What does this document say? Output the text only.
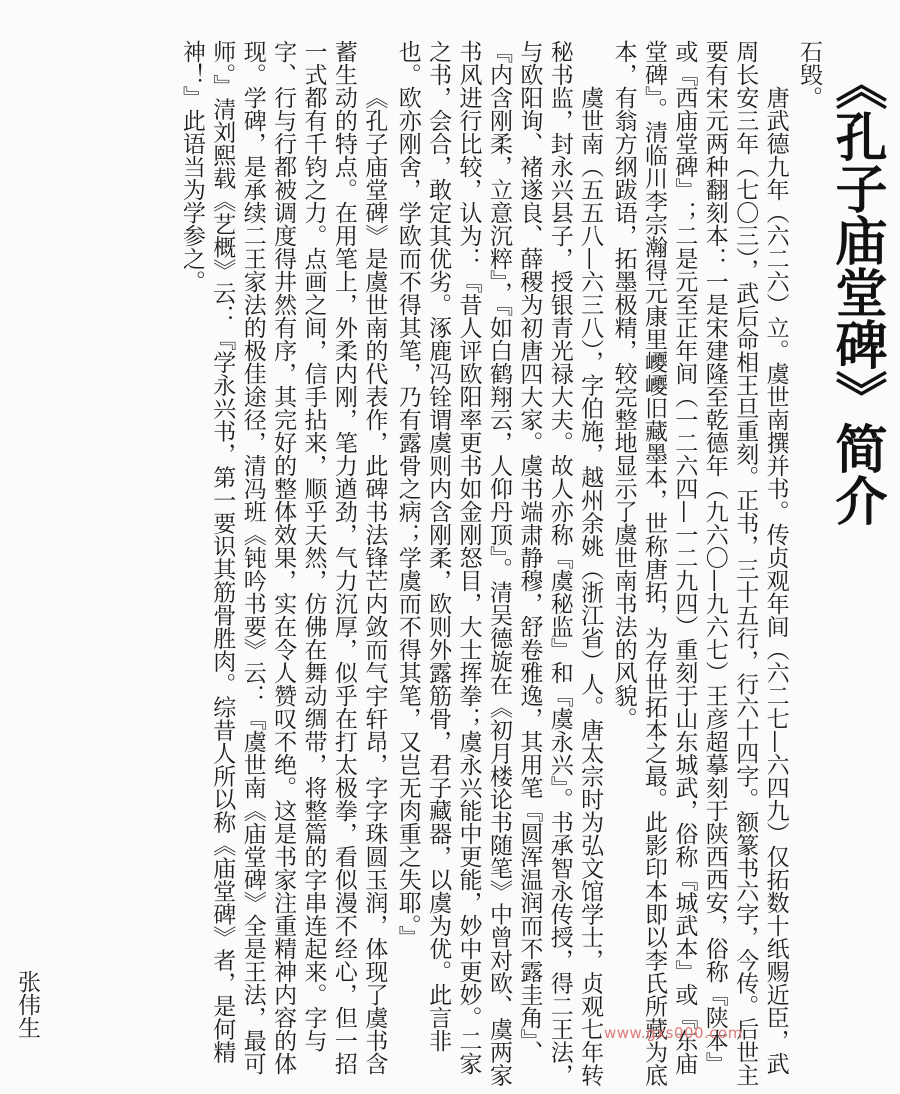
《孔子庙堂碑》简介

石毁。

唐武德九年（六二六）立。虞世南撰并书。传贞观年间（六二七—六四九）仅拓数十纸赐近臣，武周长安三年（七〇三），武后命相王旦重刻。正书，三十五行，行六十四字。额篆书六字，今传。后世主要有宋元两种翻刻本：一是宋建隆至乾德年（九六〇—九六七）王彦超摹刻于陕西西安，俗称『陕本』或『西庙堂碑』；二是元至正年间（一二六四—一二九四）重刻于山东城武，俗称『城武本』或『东庙堂碑』。清临川李宗瀚得元康里巎巎旧藏墨本，世称唐拓，为存世拓本之最。此影印本即以李氏所藏为底本，有翁方纲跋语，拓墨极精，较完整地显示了虞世南书法的风貌。

虞世南（五五八—六三八），字伯施，越州余姚（浙江省）人。唐太宗时为弘文馆学士，贞观七年转秘书监，封永兴县子，授银青光禄大夫。故人亦称『虞秘监』和『虞永兴』。书承智永传授，得二王法，与欧阳询、褚遂良、薛稷为初唐四大家。虞书端肃静穆，舒卷雅逸，其用笔『圆浑温润而不露圭角』、『内含刚柔，立意沉粹』，『如白鹤翔云，人仰丹顶』。清吴德旋在《初月楼论书随笔》中曾对欧、虞两家书风进行比较，认为：『昔人评欧阳率更书如金刚怒目，大士挥拳；虞永兴能中更能，妙中更妙。二家之书，会合，敢定其优劣。涿鹿冯铨谓虞则内含刚柔，欧则外露筋骨，君子藏器，以虞为优。此言非也。欧亦刚舍，学欧而不得其笔，乃有露骨之病；学虞而不得其笔，又岂无肉重之失耶。』

《孔子庙堂碑》是虞世南的代表作，此碑书法锋芒内敛而气宇轩昂，字字珠圆玉润，体现了虞书含蓄生动的特点。在用笔上，外柔内刚，笔力遒劲，气力沉厚，似乎在打太极拳，看似漫不经心，但一招一式都有千钧之力。点画之间，信手拈来，顺乎天然，仿佛在舞动绸带，将整篇的字串连起来。字与字、行与行都被调度得井然有序，其完好的整体效果，实在令人赞叹不绝。这是书家注重精神内容的体现。学碑，是承续二王家法的极佳途径，清冯班《钝吟书要》云：『虞世南《庙堂碑》全是王法，最可师。』清刘熙载《艺概》云：『学永兴书，第一要识其筋骨胜肉。综昔人所以称《庙堂碑》者，是何精神！』此语当为学参之。

张伟生	www.gxs000.com
